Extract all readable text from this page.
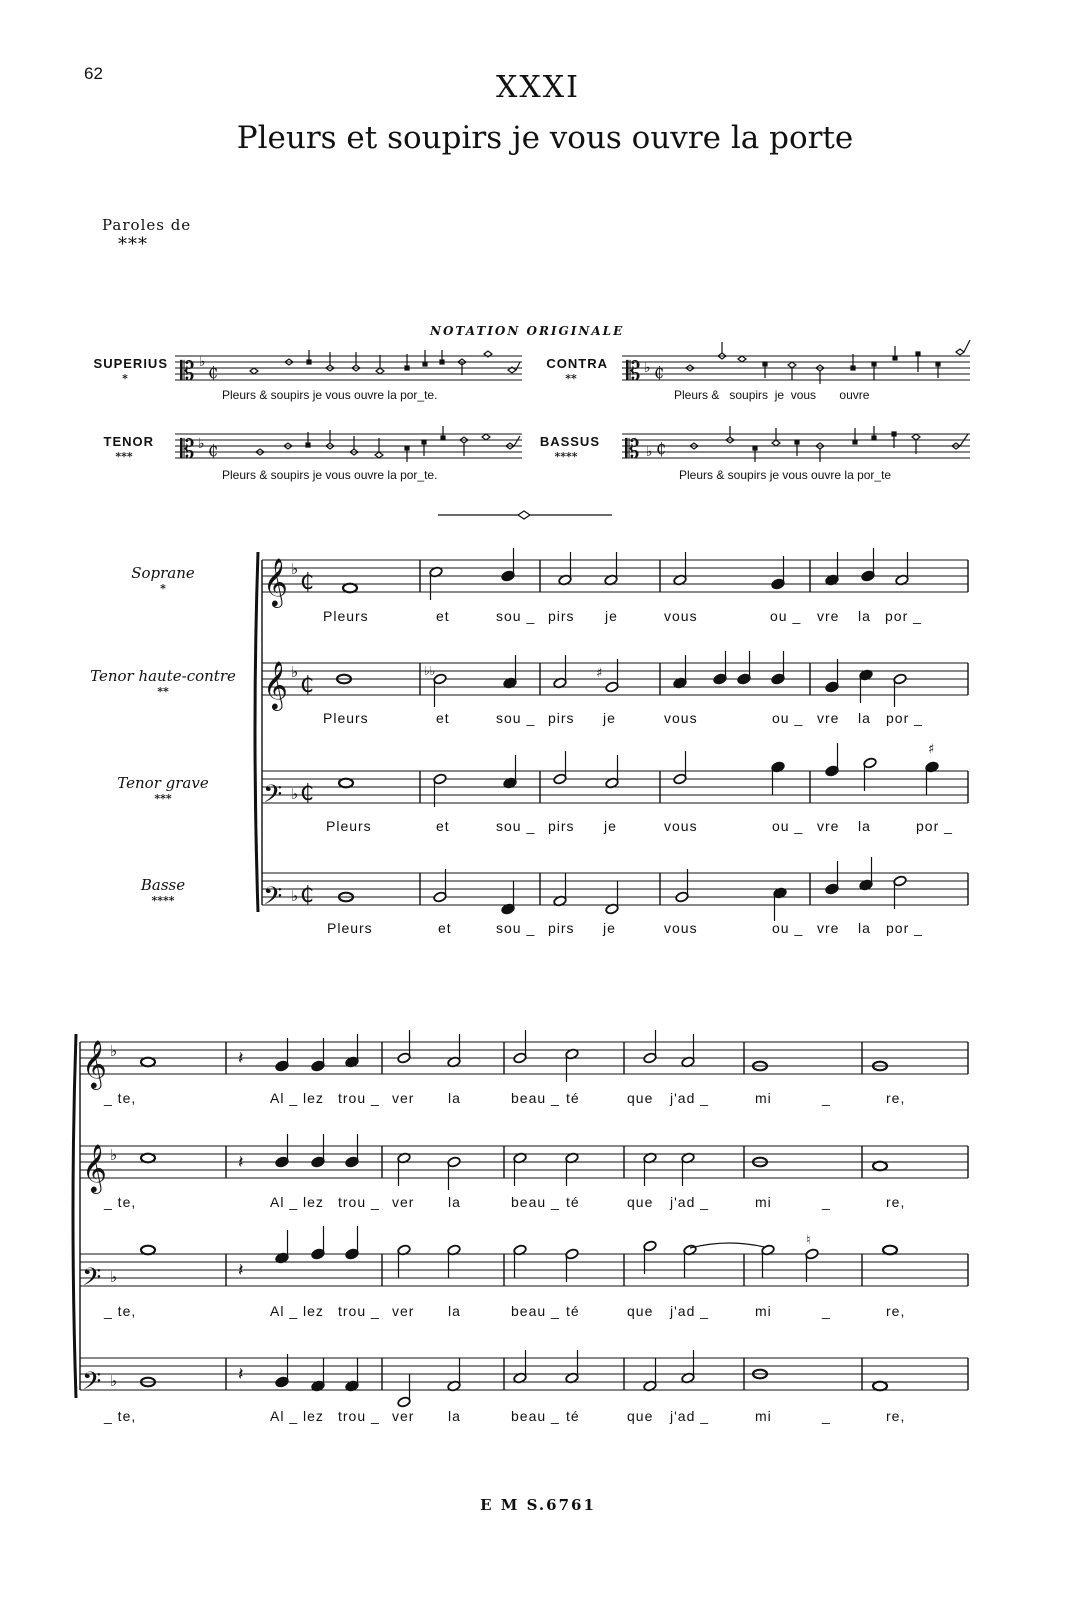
62	XXXI
Pleurs et soupirs je vous ouvre la porte
Paroles de
***
NOTATION ORIGINALE
SUPERIUS
*
Pleurs & soupirs je vous ouvre la por_te.
CONTRA
**
Pleurs &   soupirs  je  vous       ouvre
TENOR
***
Pleurs & soupirs je vous ouvre la por_te.
BASSUS
****
Pleurs & soupirs je vous ouvre la por_te
𝄡 ♭
₵	𝄡 ♭ ₵
𝄡 ♭ ₵	𝄡 ♭ ₵
Soprane
*
Tenor haute-contre
**
Tenor grave
***
Basse
****
Pleurs	et	sou _ pirs je	vous	ou _ vre la por _
Pleurs	et	sou _ pirs je	vous	ou _ vre la por _
Pleurs	et	sou _ pirs je	vous	ou _ vre la	por _
Pleurs	et	sou _ pirs je	vous	ou _ vre la por _
_ te,	Al _ lez trou _ ver la	beau _ té	que j'ad _	mi	_	re,
_ te,	Al _ lez trou _ ver la	beau _ té	que j'ad _	mi	_	re,
_ te,	Al _ lez trou _ ver la	beau _ té	que j'ad _	mi	_	re,
_ te,	Al _ lez trou _ ver la	beau _ té	que j'ad _	mi	_	re,
𝄞 ♭
₵
𝄞 ♭
₵
𝄢 ♭ ₵
𝄢 ♭ ₵
♭♭	♯
♯
𝄞 ♭
𝄞 ♭
𝄢 ♭
𝄢 ♭
𝄽
𝄽
𝄽
♮
𝄽
E M S.6761
